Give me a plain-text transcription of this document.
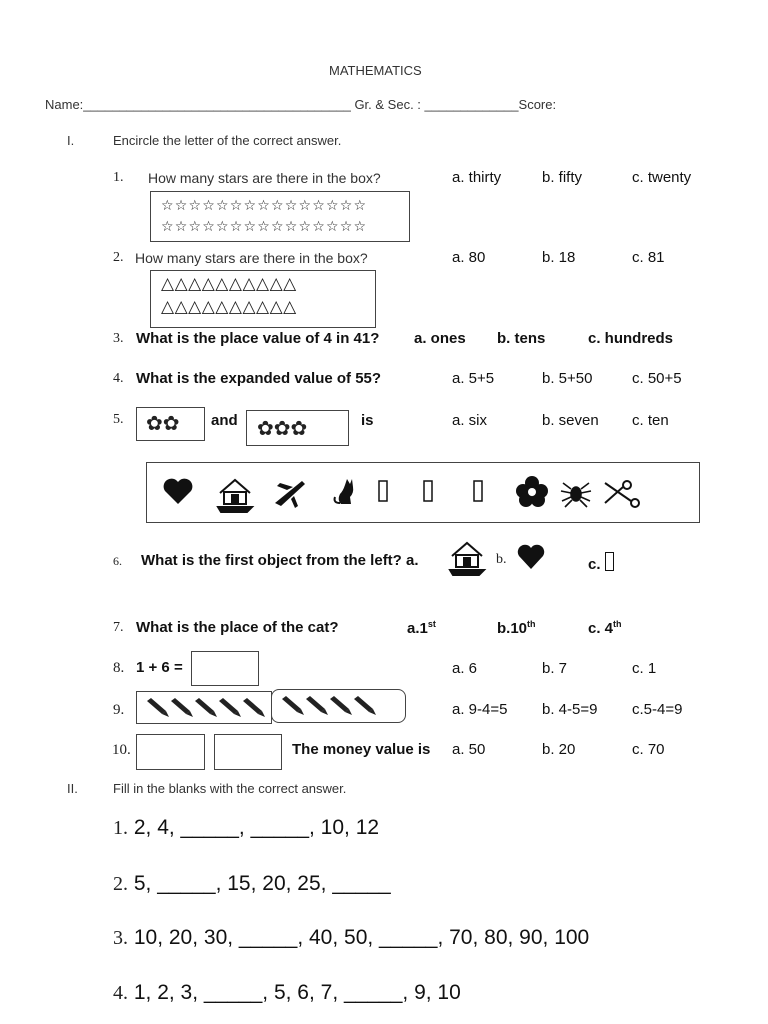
MATHEMATICS
Name:_____________________________________ Gr. & Sec. : _____________Score:
I.	Encircle the letter of the correct answer.
1. How many stars are there in the box?	a. thirty	b. fifty	c. twenty
☆☆☆☆☆☆☆☆☆☆☆☆☆☆☆
☆☆☆☆☆☆☆☆☆☆☆☆☆☆☆
2. How many stars are there in the box?	a. 80	b. 18	c. 81
△△△△△△△△△△
△△△△△△△△△△
3. What is the place value of 4 in 41? a. ones b. tens	c. hundreds
4. What is the expanded value of 55?	a. 5+5	b. 5+50	c. 50+5
5. ✿✿ and ✿✿✿	is	a. six	b. seven c. ten
6. What is the first object from the left? a.	b.	c.
7. What is the place of the cat?	a.1st	b.10th	c. 4th
8. 1 + 6 =	a. 6	b. 7	c. 1
9.	a. 9-4=5 b. 4-5=9 c.5-4=9
10.	The money value is a. 50	b. 20	c. 70
II.	Fill in the blanks with the correct answer.
1. 2, 4, _____, _____, 10, 12
2. 5, _____, 15, 20, 25, _____
3. 10, 20, 30, _____, 40, 50, _____, 70, 80, 90, 100
4. 1, 2, 3, _____, 5, 6, 7, _____, 9, 10
